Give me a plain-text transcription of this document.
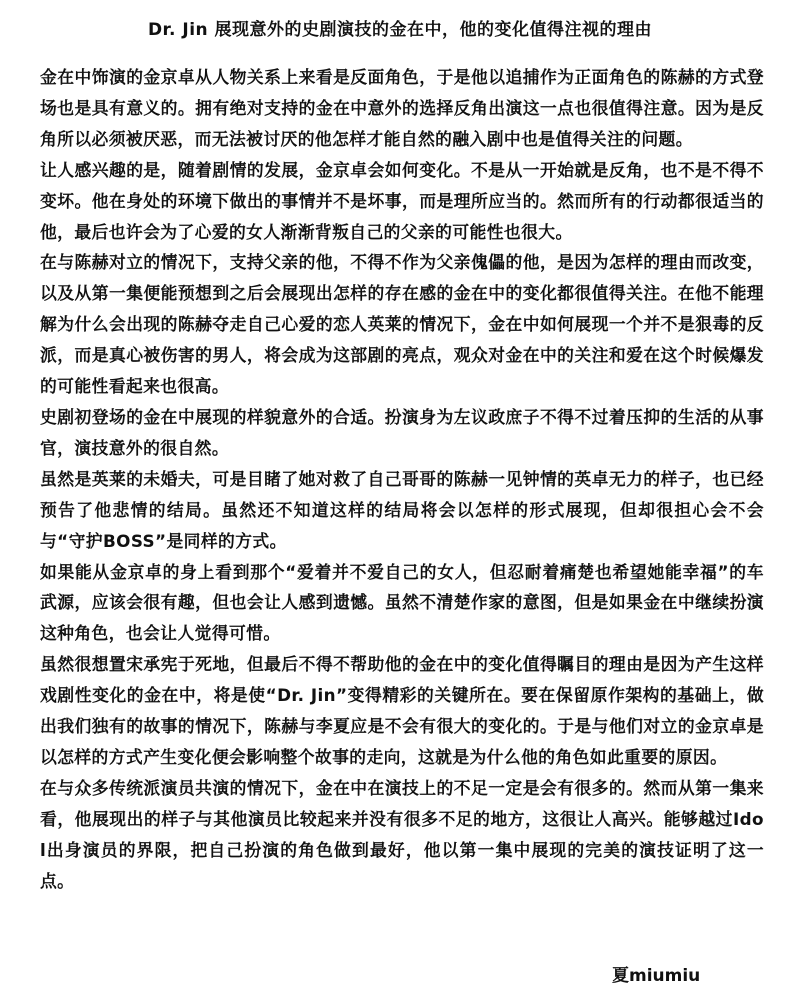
Dr. Jin 展现意外的史剧演技的金在中，他的变化值得注视的理由

金在中饰演的金京卓从人物关系上来看是反面角色，于是他以追捕作为正面角色的陈赫的方式登场也是具有意义的。拥有绝对支持的金在中意外的选择反角出演这一点也很值得注意。因为是反角所以必须被厌恶，而无法被讨厌的他怎样才能自然的融入剧中也是值得关注的问题。

让人感兴趣的是，随着剧情的发展，金京卓会如何变化。不是从一开始就是反角，也不是不得不变坏。他在身处的环境下做出的事情并不是坏事，而是理所应当的。然而所有的行动都很适当的他，最后也许会为了心爱的女人渐渐背叛自己的父亲的可能性也很大。

在与陈赫对立的情况下，支持父亲的他，不得不作为父亲傀儡的他，是因为怎样的理由而改变，以及从第一集便能预想到之后会展现出怎样的存在感的金在中的变化都很值得关注。在他不能理解为什么会出现的陈赫夺走自己心爱的恋人英莱的情况下，金在中如何展现一个并不是狠毒的反派，而是真心被伤害的男人，将会成为这部剧的亮点，观众对金在中的关注和爱在这个时候爆发的可能性看起来也很高。

史剧初登场的金在中展现的样貌意外的合适。扮演身为左议政庶子不得不过着压抑的生活的从事官，演技意外的很自然。

虽然是英莱的未婚夫，可是目睹了她对救了自己哥哥的陈赫一见钟情的英卓无力的样子，也已经预告了他悲情的结局。虽然还不知道这样的结局将会以怎样的形式展现，但却很担心会不会与“守护BOSS”是同样的方式。

如果能从金京卓的身上看到那个“爱着并不爱自己的女人，但忍耐着痛楚也希望她能幸福”的车武源，应该会很有趣，但也会让人感到遗憾。虽然不清楚作家的意图，但是如果金在中继续扮演这种角色，也会让人觉得可惜。

虽然很想置宋承宪于死地，但最后不得不帮助他的金在中的变化值得瞩目的理由是因为产生这样戏剧性变化的金在中，将是使“Dr. Jin”变得精彩的关键所在。要在保留原作架构的基础上，做出我们独有的故事的情况下，陈赫与李夏应是不会有很大的变化的。于是与他们对立的金京卓是以怎样的方式产生变化便会影响整个故事的走向，这就是为什么他的角色如此重要的原因。

在与众多传统派演员共演的情况下，金在中在演技上的不足一定是会有很多的。然而从第一集来看，他展现出的样子与其他演员比较起来并没有很多不足的地方，这很让人高兴。能够越过Idol出身演员的界限，把自己扮演的角色做到最好，他以第一集中展现的完美的演技证明了这一点。

夏miumiu
